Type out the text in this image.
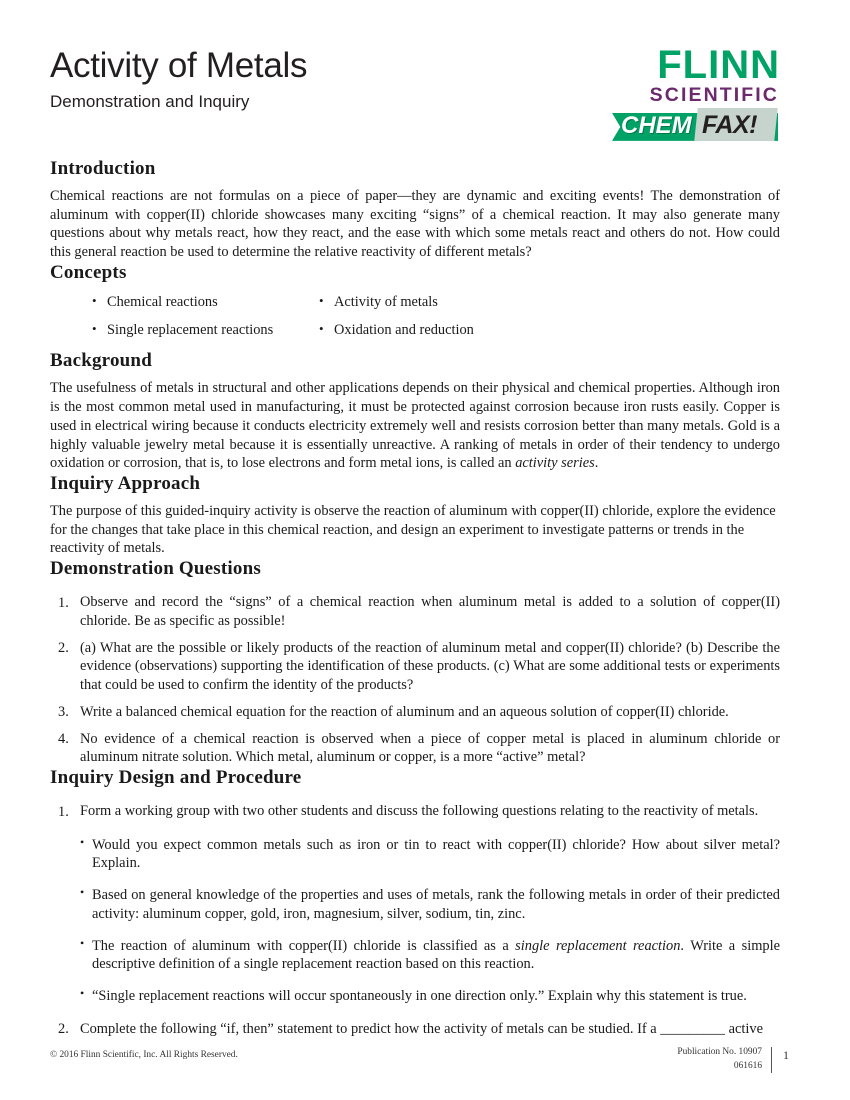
Activity of Metals

Demonstration and Inquiry

FLINN
SCIENTIFIC
CHEM FAX!
Introduction

Chemical reactions are not formulas on a piece of paper—they are dynamic and exciting events! The demonstration of aluminum with copper(II) chloride showcases many exciting “signs” of a chemical reaction. It may also generate many questions about why metals react, how they react, and the ease with which some metals react and others do not. How could this general reaction be used to determine the relative reactivity of different metals?

Concepts
• Chemical reactions	• Activity of metals
• Single replacement reactions	• Oxidation and reduction
Background

The usefulness of metals in structural and other applications depends on their physical and chemical properties. Although iron is the most common metal used in manufacturing, it must be protected against corrosion because iron rusts easily. Copper is used in electrical wiring because it conducts electricity extremely well and resists corrosion better than many metals. Gold is a highly valuable jewelry metal because it is essentially unreactive. A ranking of metals in order of their tendency to undergo oxidation or corrosion, that is, to lose electrons and form metal ions, is called an activity series.

Inquiry Approach

The purpose of this guided-inquiry activity is observe the reaction of aluminum with copper(II) chloride, explore the evidence for the changes that take place in this chemical reaction, and design an experiment to investigate patterns or trends in the reactivity of metals.

Demonstration Questions
Observe and record the “signs” of a chemical reaction when aluminum metal is added to a solution of copper(II) chloride. Be as specific as possible!
(a) What are the possible or likely products of the reaction of aluminum metal and copper(II) chloride? (b) Describe the evidence (observations) supporting the identification of these products. (c) What are some additional tests or experiments that could be used to confirm the identity of the products?
Write a balanced chemical equation for the reaction of aluminum and an aqueous solution of copper(II) chloride.
No evidence of a chemical reaction is observed when a piece of copper metal is placed in aluminum chloride or aluminum nitrate solution. Which metal, aluminum or copper, is a more “active” metal?
Inquiry Design and Procedure
Form a working group with two other students and discuss the following questions relating to the reactivity of metals.
• Would you expect common metals such as iron or tin to react with copper(II) chloride? How about silver metal? Explain.
• Based on general knowledge of the properties and uses of metals, rank the following metals in order of their predicted activity: aluminum copper, gold, iron, magnesium, silver, sodium, tin, zinc.
• The reaction of aluminum with copper(II) chloride is classified as a single replacement reaction. Write a simple descriptive definition of a single replacement reaction based on this reaction.
• “Single replacement reactions will occur spontaneously in one direction only.” Explain why this statement is true.
Complete the following “if, then” statement to predict how the activity of metals can be studied. If a _________ active
© 2016 Flinn Scientific, Inc. All Rights Reserved.	Publication No. 10907
061616
1
